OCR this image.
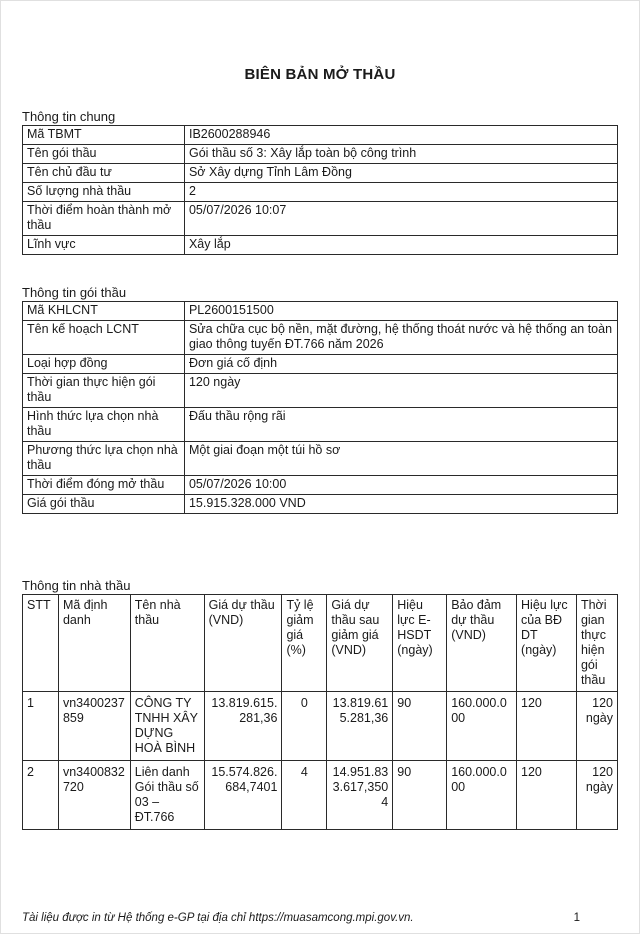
BIÊN BẢN MỞ THẦU
Thông tin chung
Mã TBMT	IB2600288946
Tên gói thầu	Gói thầu số 3: Xây lắp toàn bộ công trình
Tên chủ đầu tư	Sở Xây dựng Tỉnh Lâm Đồng
Số lượng nhà thầu	2
Thời điểm hoàn thành mở thầu	05/07/2026 10:07
Lĩnh vực	Xây lắp
Thông tin gói thầu
Mã KHLCNT	PL2600151500
Tên kế hoạch LCNT	Sửa chữa cục bộ nền, mặt đường, hệ thống thoát nước và hệ thống an toàn giao thông tuyến ĐT.766 năm 2026
Loại hợp đồng	Đơn giá cố định
Thời gian thực hiện gói thầu	120 ngày
Hình thức lựa chọn nhà thầu	Đấu thầu rộng rãi
Phương thức lựa chọn nhà thầu	Một giai đoạn một túi hồ sơ
Thời điểm đóng mở thầu	05/07/2026 10:00
Giá gói thầu	15.915.328.000 VND
Thông tin nhà thầu
STT	Mã định danh	Tên nhà thầu	Giá dự thầu (VND)	Tỷ lệ giảm giá (%)	Giá dự thầu sau giảm giá (VND)	Hiệu lực E-HSDT (ngày)	Bảo đảm dự thầu (VND)	Hiệu lực của BĐ DT (ngày)	Thời gian thực hiện gói thầu
1	vn3400237859	CÔNG TY TNHH XÂY DỰNG HOÀ BÌNH	13.819.615.281,36	0	13.819.615.281,36	90	160.000.000	120	120 ngày
2	vn3400832720	Liên danh Gói thầu số 03 – ĐT.766	15.574.826.684,7401	4	14.951.833.617,3504	90	160.000.000	120	120 ngày
Tài liệu được in từ Hệ thống e-GP tại địa chỉ https://muasamcong.mpi.gov.vn.	1
